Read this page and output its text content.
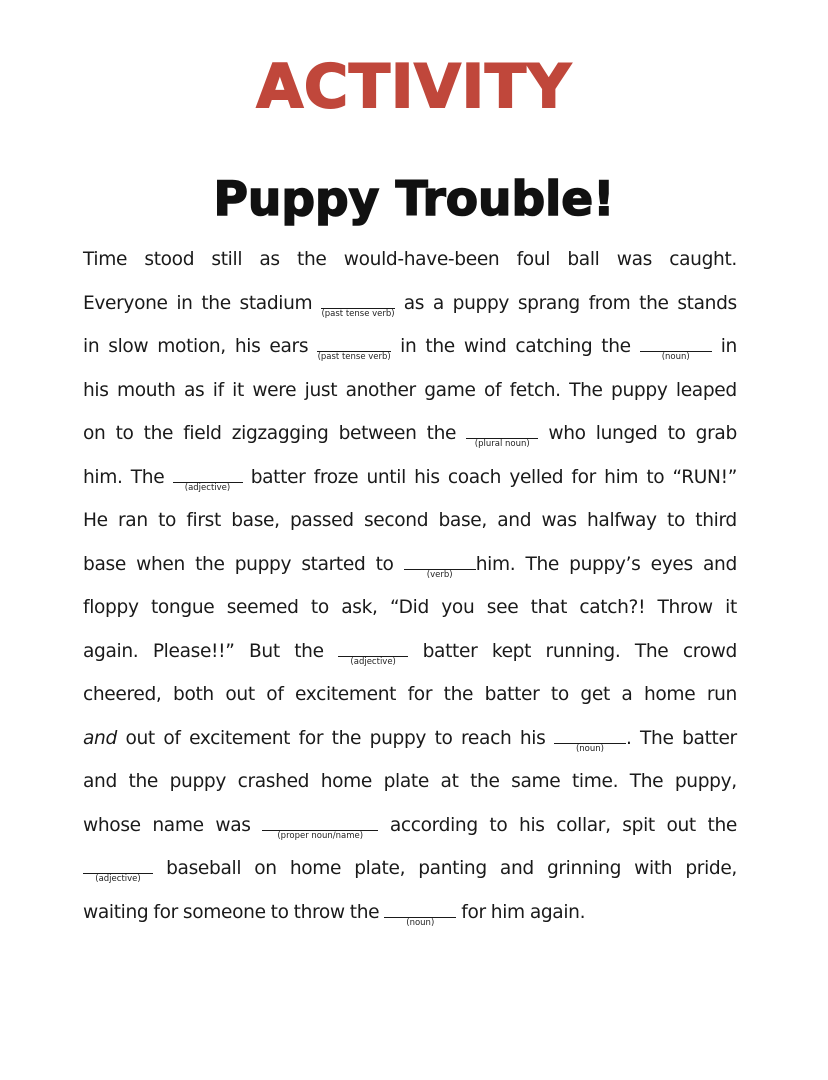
ACTIVITY
Puppy Trouble!
Time stood still as the would-have-been foul ball was caught.
Everyone in the stadium	(past tense verb) as a puppy sprang from the stands
in slow motion, his ears	(past tense verb) in the wind catching the	(noun)	in
his mouth as if it were just another game of fetch. The puppy leaped
on to the field zigzagging between the	(plural noun)	who lunged to grab
him. The	(adjective)	batter froze until his coach yelled for him to “RUN!”
He ran to first base, passed second base, and was halfway to third
base when the puppy started to	(verb)	him. The puppy’s eyes and
floppy tongue seemed to ask, “Did you see that catch?! Throw it
again. Please!!” But the	(adjective)	batter kept running. The crowd
cheered, both out of excitement for the batter to get a home run
and out of excitement for the puppy to reach his	(noun)	. The batter
and the puppy crashed home plate at the same time. The puppy,
whose name was	(proper noun/name)	according to his collar, spit out the
(adjective)	baseball on home plate, panting and grinning with pride,
waiting for someone to throw the	(noun)	for him again.
